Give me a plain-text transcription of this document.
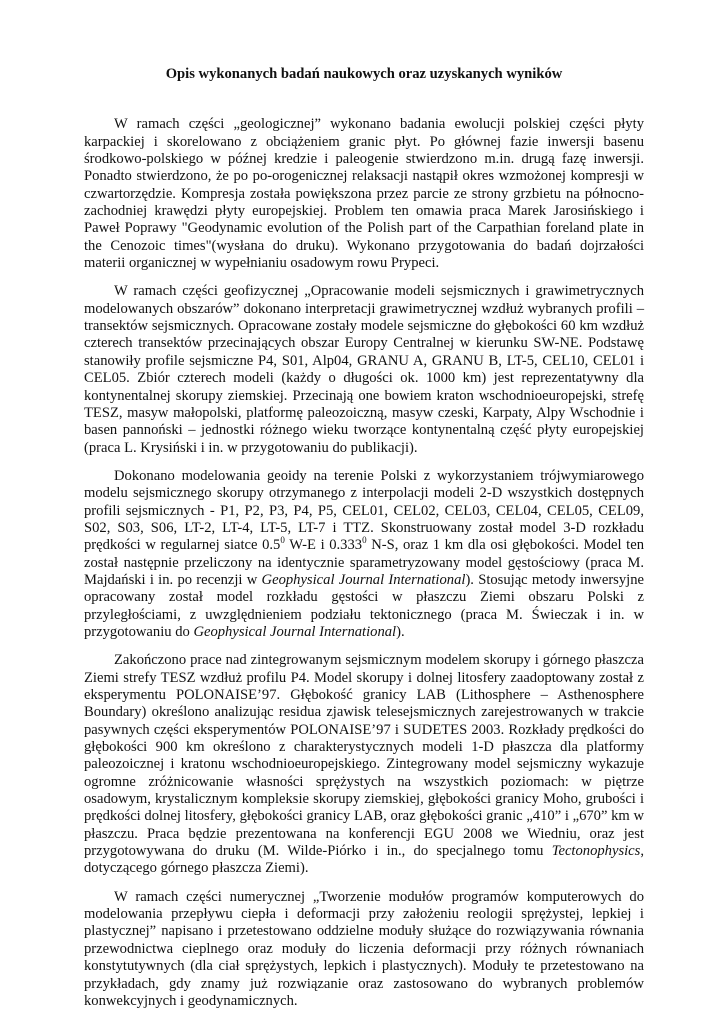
Opis wykonanych badań naukowych oraz uzyskanych wyników

W ramach części „geologicznej” wykonano badania ewolucji polskiej części płyty karpackiej i skorelowano z obciążeniem granic płyt. Po głównej fazie inwersji basenu środkowo-polskiego w późnej kredzie i paleogenie stwierdzono m.in. drugą fazę inwersji. Ponadto stwierdzono, że po po-orogenicznej relaksacji nastąpił okres wzmożonej kompresji w czwartorzędzie. Kompresja została powiększona przez parcie ze strony grzbietu na północno-zachodniej krawędzi płyty europejskiej. Problem ten omawia praca Marek Jarosińskiego i Paweł Poprawy "Geodynamic evolution of the Polish part of the Carpathian foreland plate in the Cenozoic times"(wysłana do druku). Wykonano przygotowania do badań dojrzałości materii organicznej w wypełnianiu osadowym rowu Prypeci.

W ramach części geofizycznej „Opracowanie modeli sejsmicznych i grawimetrycznych modelowanych obszarów” dokonano interpretacji grawimetrycznej wzdłuż wybranych profili – transektów sejsmicznych. Opracowane zostały modele sejsmiczne do głębokości 60 km wzdłuż czterech transektów przecinających obszar Europy Centralnej w kierunku SW-NE. Podstawę stanowiły profile sejsmiczne P4, S01, Alp04, GRANU A, GRANU B, LT-5, CEL10, CEL01 i CEL05. Zbiór czterech modeli (każdy o długości ok. 1000 km) jest reprezentatywny dla kontynentalnej skorupy ziemskiej. Przecinają one bowiem kraton wschodnioeuropejski, strefę TESZ, masyw małopolski, platformę paleozoiczną, masyw czeski, Karpaty, Alpy Wschodnie i basen pannoński – jednostki różnego wieku tworzące kontynentalną część płyty europejskiej (praca L. Krysiński i in. w przygotowaniu do publikacji).

Dokonano modelowania geoidy na terenie Polski z wykorzystaniem trójwymiarowego modelu sejsmicznego skorupy otrzymanego z interpolacji modeli 2-D wszystkich dostępnych profili sejsmicznych - P1, P2, P3, P4, P5, CEL01, CEL02, CEL03, CEL04, CEL05, CEL09, S02, S03, S06, LT-2, LT-4, LT-5, LT-7 i TTZ. Skonstruowany został model 3-D rozkładu prędkości w regularnej siatce $0.5^0$ W-E i 0.333$^0$ N-S, oraz 1 km dla osi głębokości. Model ten został następnie przeliczony na identycznie sparametryzowany model gęstościowy (praca M. Majdański i in. po recenzji w Geophysical Journal International). Stosując metody inwersyjne opracowany został model rozkładu gęstości w płaszczu Ziemi obszaru Polski z przyległościami, z uwzględnieniem podziału tektonicznego (praca M. Świeczak i in. w przygotowaniu do Geophysical Journal International).

Zakończono prace nad zintegrowanym sejsmicznym modelem skorupy i górnego płaszcza Ziemi strefy TESZ wzdłuż profilu P4. Model skorupy i dolnej litosfery zaadoptowany został z eksperymentu POLONAISE’97. Głębokość granicy LAB (Lithosphere – Asthenosphere Boundary) określono analizując residua zjawisk telesejsmicznych zarejestrowanych w trakcie pasywnych części eksperymentów POLONAISE’97 i SUDETES 2003. Rozkłady prędkości do głębokości 900 km określono z charakterystycznych modeli 1-D płaszcza dla platformy paleozoicznej i kratonu wschodnioeuropejskiego. Zintegrowany model sejsmiczny wykazuje ogromne zróżnicowanie własności sprężystych na wszystkich poziomach: w piętrze osadowym, krystalicznym kompleksie skorupy ziemskiej, głębokości granicy Moho, grubości i prędkości dolnej litosfery, głębokości granicy LAB, oraz głębokości granic „410” i „670” km w płaszczu. Praca będzie prezentowana na konferencji EGU 2008 we Wiedniu, oraz jest przygotowywana do druku (M. Wilde-Piórko i in., do specjalnego tomu Tectonophysics, dotyczącego górnego płaszcza Ziemi).

W ramach części numerycznej „Tworzenie modułów programów komputerowych do modelowania przepływu ciepła i deformacji przy założeniu reologii sprężystej, lepkiej i plastycznej” napisano i przetestowano oddzielne moduły służące do rozwiązywania równania przewodnictwa cieplnego oraz moduły do liczenia deformacji przy różnych równaniach konstytutywnych (dla ciał sprężystych, lepkich i plastycznych). Moduły te przetestowano na przykładach, gdy znamy już rozwiązanie oraz zastosowano do wybranych problemów konwekcyjnych i geodynamicznych.
